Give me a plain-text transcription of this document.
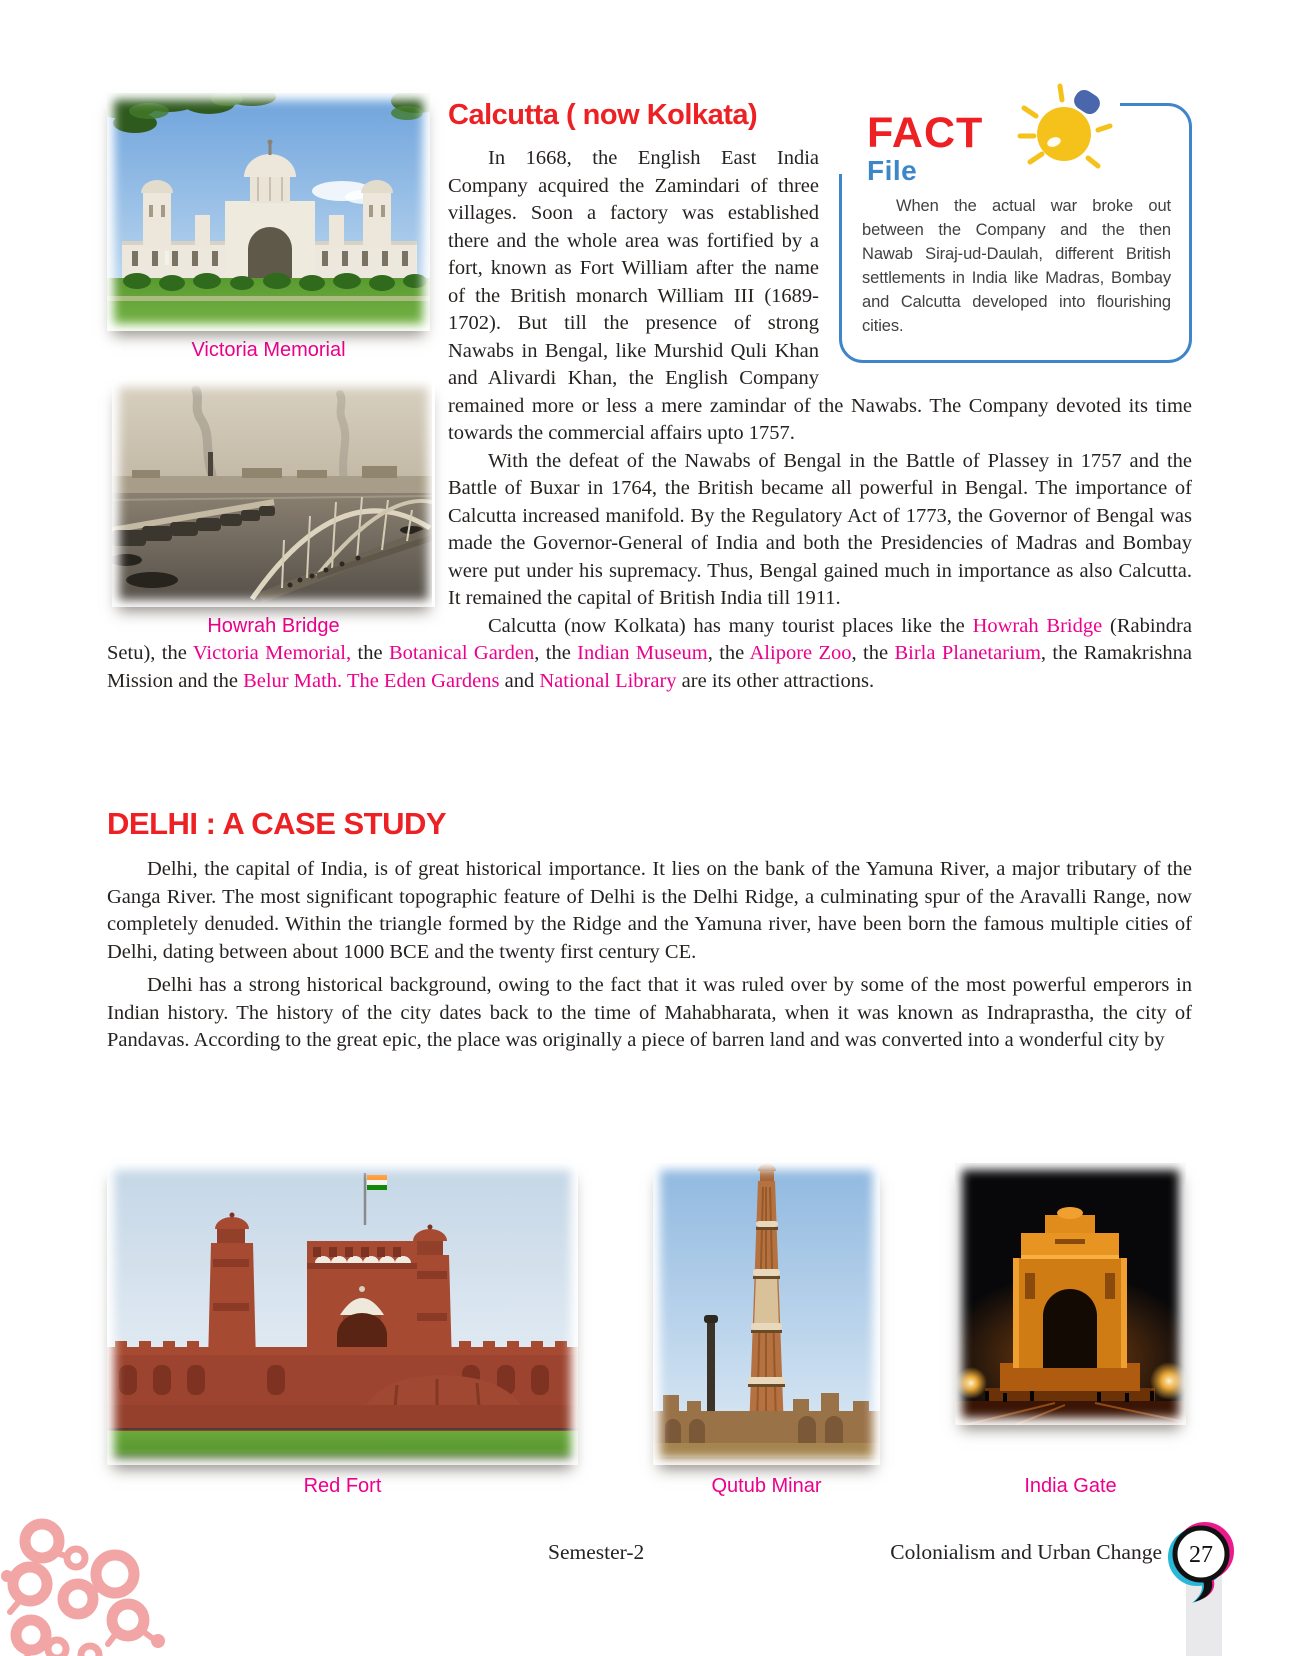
Victoria Memorial
Howrah Bridge
FACT
File

When the actual war broke out between the Company and the then Nawab Siraj-ud-Daulah, different British settlements in India like Madras, Bombay and Calcutta developed into flourishing cities.

Calcutta ( now Kolkata)

In 1668, the English East India Company acquired the Zamindari of three villages. Soon a factory was established there and the whole area was fortified by a fort, known as Fort William after the name of the British monarch William III (1689-1702). But till the presence of strong Nawabs in Bengal, like Murshid Quli Khan and Alivardi Khan, the English Company remained more or less a mere zamindar of the Nawabs. The Company devoted its time towards the commercial affairs upto 1757.

With the defeat of the Nawabs of Bengal in the Battle of Plassey in 1757 and the Battle of Buxar in 1764, the British became all powerful in Bengal. The importance of Calcutta increased manifold. By the Regulatory Act of 1773, the Governor of Bengal was made the Governor-General of India and both the Presidencies of Madras and Bombay were put under his supremacy. Thus, Bengal gained much in importance as also Calcutta. It remained the capital of British India till 1911.

Calcutta (now Kolkata) has many tourist places like the Howrah Bridge (Rabindra Setu), the Victoria Memorial, the Botanical Garden, the Indian Museum, the Alipore Zoo, the Birla Planetarium, the Ramakrishna Mission and the Belur Math. The Eden Gardens and National Library are its other attractions.

DELHI : A CASE STUDY

Delhi, the capital of India, is of great historical importance. It lies on the bank of the Yamuna River, a major tributary of the Ganga River. The most significant topographic feature of Delhi is the Delhi Ridge, a culminating spur of the Aravalli Range, now completely denuded. Within the triangle formed by the Ridge and the Yamuna river, have been born the famous multiple cities of Delhi, dating between about 1000 BCE and the twenty first century CE.

Delhi has a strong historical background, owing to the fact that it was ruled over by some of the most powerful emperors in Indian history. The history of the city dates back to the time of Mahabharata, when it was known as Indraprastha, the city of Pandavas. According to the great epic, the place was originally a piece of barren land and was converted into a wonderful city by

Red Fort	Qutub Minar	India Gate
Semester-2	Colonialism and Urban Change 27
